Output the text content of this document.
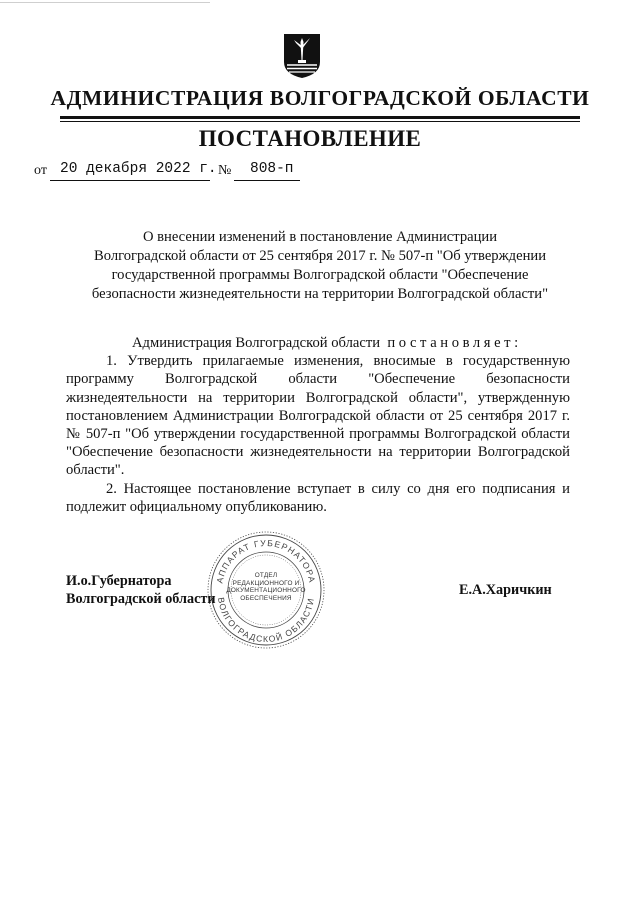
АДМИНИСТРАЦИЯ ВОЛГОГРАДСКОЙ ОБЛАСТИ
ПОСТАНОВЛЕНИЕ
от 20 декабря 2022 г. № 808-п
О внесении изменений в постановление Администрации
Волгоградской области от 25 сентября 2017 г. № 507-п "Об утверждении
государственной программы Волгоградской области "Обеспечение
безопасности жизнедеятельности на территории Волгоградской области"

Администрация Волгоградской области постановляет:

1. Утвердить прилагаемые изменения, вносимые в государственную программу Волгоградской области "Обеспечение безопасности жизнедеятельности на территории Волгоградской области", утвержденную постановлением Администрации Волгоградской области от 25 сентября 2017 г. № 507-п "Об утверждении государственной программы Волгоградской области "Обеспечение безопасности жизнедеятельности на территории Волгоградской области".

2. Настоящее постановление вступает в силу со дня его подписания и подлежит официальному опубликованию.

АППАРАТ ГУБЕРНАТОРА
ВОЛГОГРАДСКОЙ ОБЛАСТИ
ОТДЕЛ
РЕДАКЦИОННОГО И
ДОКУМЕНТАЦИОННОГО
ОБЕСПЕЧЕНИЯ
И.о.Губернатора
Волгоградской области
Е.А.Харичкин
